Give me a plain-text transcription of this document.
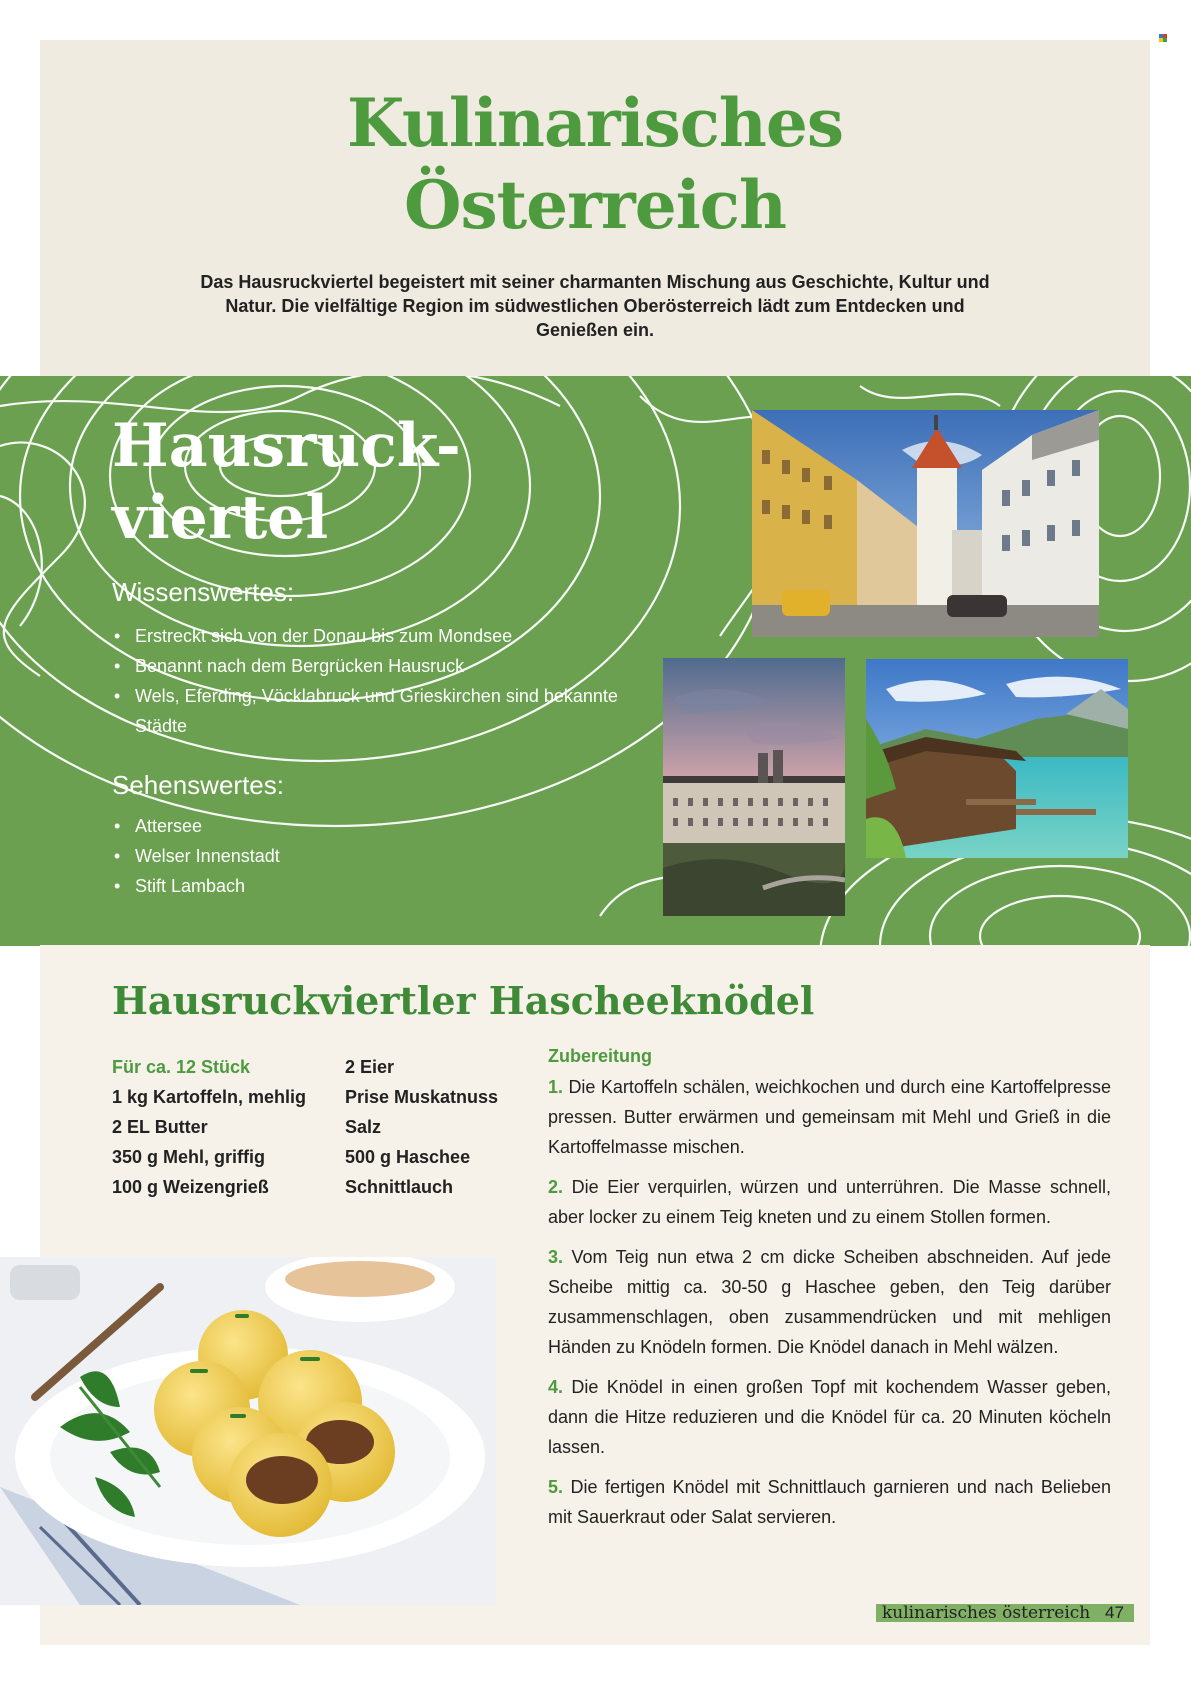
Kulinarisches
Österreich
Das Hausruckviertel begeistert mit seiner charmanten Mischung aus Geschichte, Kultur und Natur. Die vielfältige Region im südwestlichen Oberösterreich lädt zum Entdecken und Genießen ein.
Hausruck-
viertel
Wissenswertes:
• Erstreckt sich von der Donau bis zum Mondsee
• Benannt nach dem Bergrücken Hausruck
• Wels, Eferding, Vöcklabruck und Grieskirchen sind bekannte Städte
Sehenswertes:
• Attersee
• Welser Innenstadt
• Stift Lambach
Hausruckviertler Hascheeknödel
Für ca. 12 Stück
1 kg Kartoffeln, mehlig
2 EL Butter
350 g Mehl, griffig
100 g Weizengrieß
2 Eier
Prise Muskatnuss
Salz
500 g Haschee
Schnittlauch
Zubereitung

1. Die Kartoffeln schälen, weichkochen und durch eine Kartoffelpresse pressen. Butter erwärmen und gemeinsam mit Mehl und Grieß in die Kartoffelmasse mischen.

2. Die Eier verquirlen, würzen und unterrühren. Die Masse schnell, aber locker zu einem Teig kneten und zu einem Stollen formen.

3. Vom Teig nun etwa 2 cm dicke Scheiben abschneiden. Auf jede Scheibe mittig ca. 30-50 g Haschee geben, den Teig darüber zusammenschlagen, oben zusammendrücken und mit mehligen Händen zu Knödeln formen. Die Knödel danach in Mehl wälzen.

4. Die Knödel in einen großen Topf mit kochendem Wasser geben, dann die Hitze reduzieren und die Knödel für ca. 20 Minuten köcheln lassen.

5. Die fertigen Knödel mit Schnittlauch garnieren und nach Belieben mit Sauerkraut oder Salat servieren.

kulinarisches österreich 47
